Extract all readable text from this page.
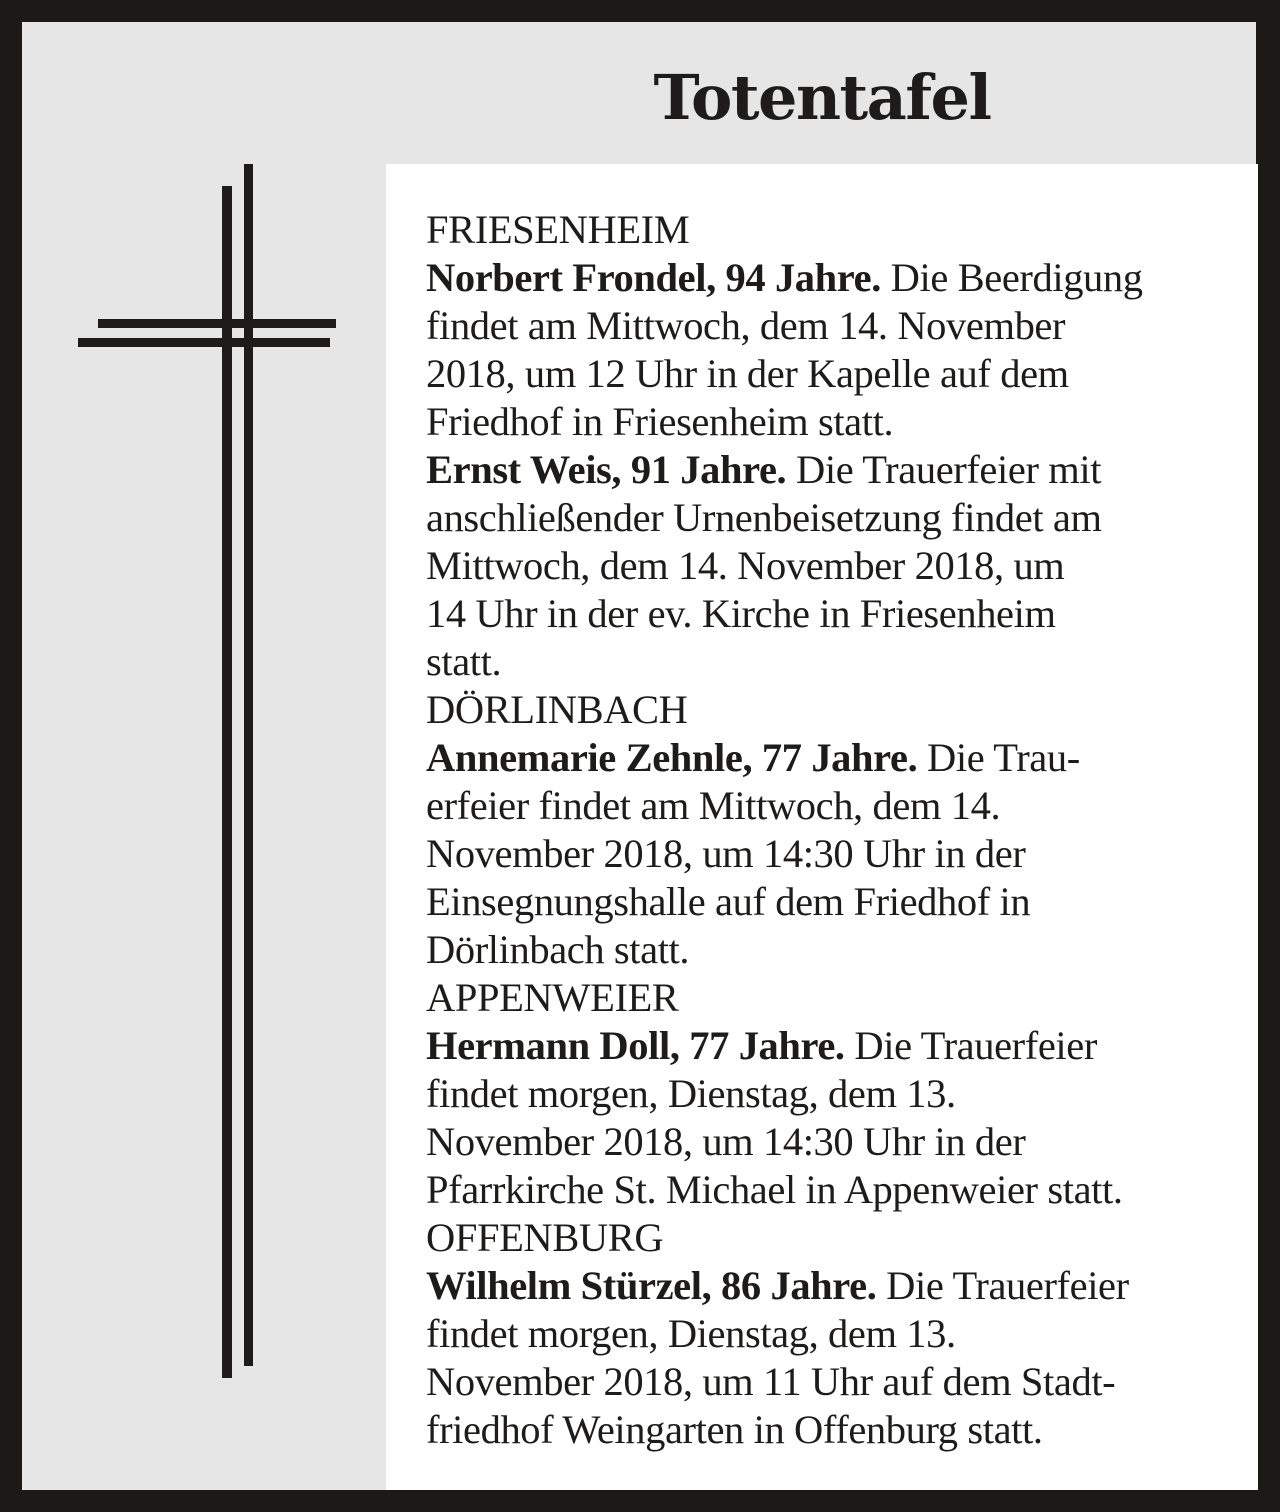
Totentafel
FRIESENHEIM
Norbert Frondel, 94 Jahre. Die Beerdigung
findet am Mittwoch, dem 14. November
2018, um 12 Uhr in der Kapelle auf dem
Friedhof in Friesenheim statt.
Ernst Weis, 91 Jahre. Die Trauerfeier mit
anschließender Urnenbeisetzung findet am
Mittwoch, dem 14. November 2018, um
14 Uhr in der ev. Kirche in Friesenheim
statt.
DÖRLINBACH
Annemarie Zehnle, 77 Jahre. Die Trau-
erfeier findet am Mittwoch, dem 14.
November 2018, um 14:30 Uhr in der
Einsegnungshalle auf dem Friedhof in
Dörlinbach statt.
APPENWEIER
Hermann Doll, 77 Jahre. Die Trauerfeier
findet morgen, Dienstag, dem 13.
November 2018, um 14:30 Uhr in der
Pfarrkirche St. Michael in Appenweier statt.
OFFENBURG
Wilhelm Stürzel, 86 Jahre. Die Trauerfeier
findet morgen, Dienstag, dem 13.
November 2018, um 11 Uhr auf dem Stadt-
friedhof Weingarten in Offenburg statt.
